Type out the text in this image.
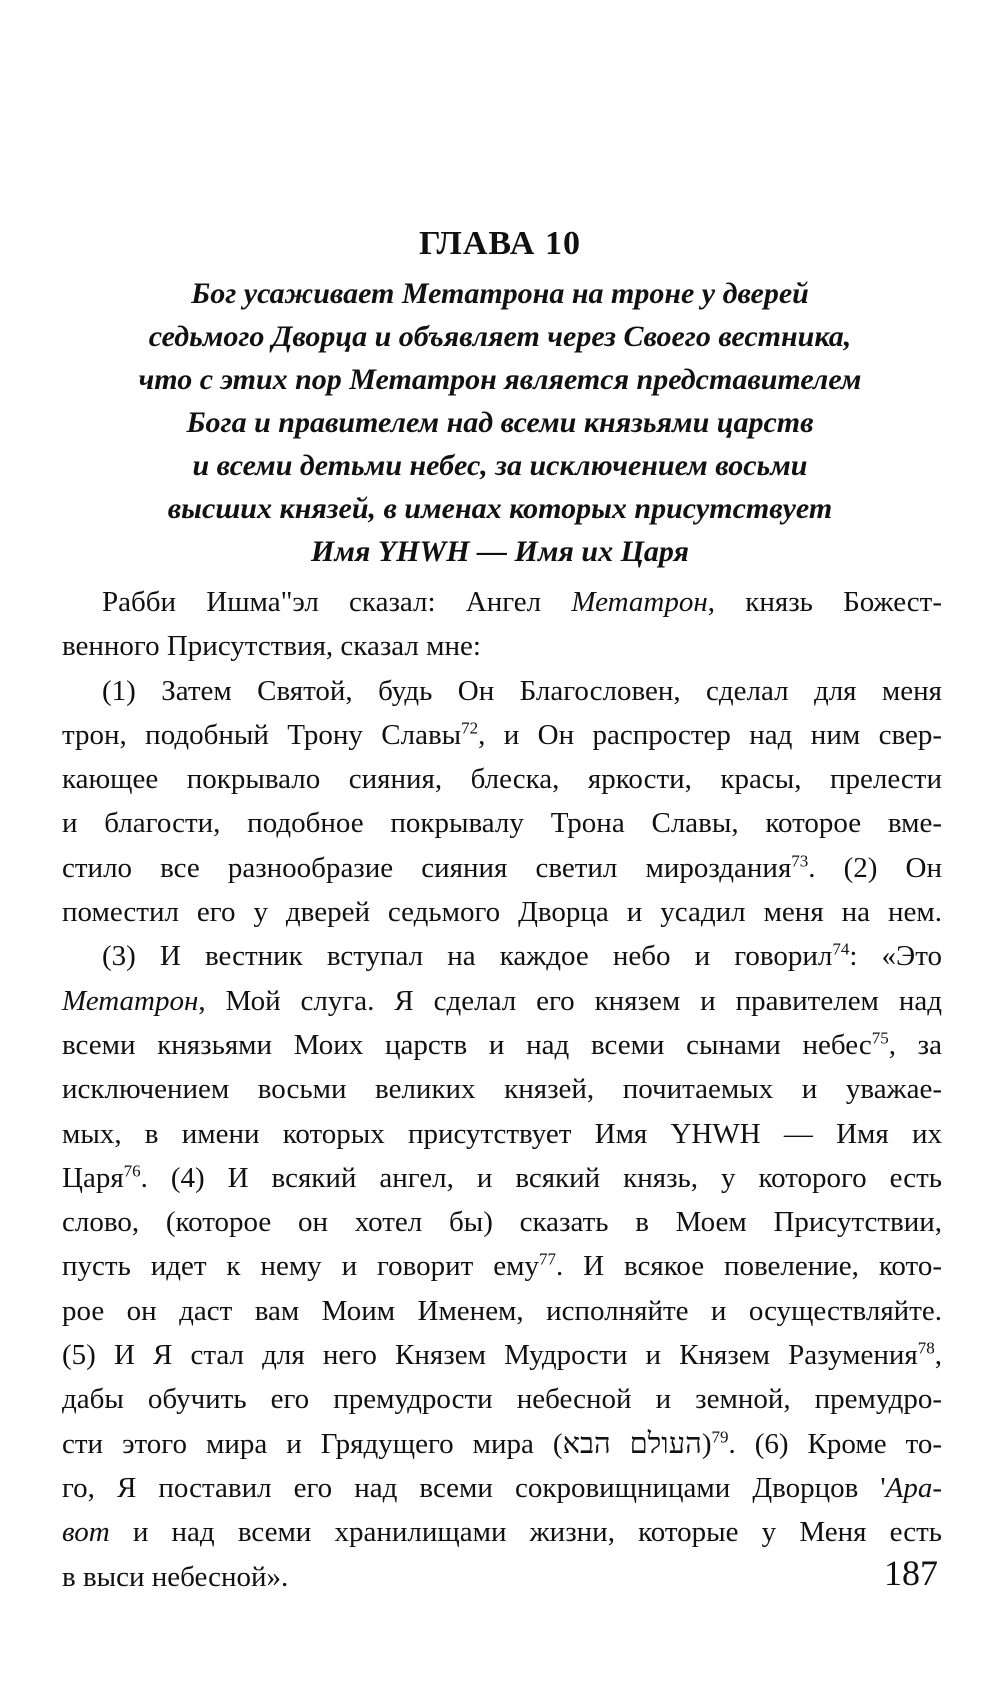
ГЛАВА 10
Бог усаживает Метатрона на троне у дверей
седьмого Дворца и объявляет через Своего вестника,
что с этих пор Метатрон является представителем
Бога и правителем над всеми князьями царств
и всеми детьми небес, за исключением восьми
высших князей, в именах которых присутствует
Имя YHWH — Имя их Царя
Рабби Ишма"эл сказал: Ангел Метатрон, князь Божест-
венного Присутствия, сказал мне:
(1) Затем Святой, будь Он Благословен, сделал для меня
трон, подобный Трону Славы$^{72}$, и Он распростер над ним свер-
кающее покрывало сияния, блеска, яркости, красы, прелести
и благости, подобное покрывалу Трона Славы, которое вме-
стило все разнообразие сияния светил мироздания$^{73}$. (2) Он
поместил его у дверей седьмого Дворца и усадил меня на нем.
(3) И вестник вступал на каждое небо и говорил$^{74}$: «Это
Метатрон, Мой слуга. Я сделал его князем и правителем над
всеми князьями Моих царств и над всеми сынами небес$^{75}$, за
исключением восьми великих князей, почитаемых и уважае-
мых, в имени которых присутствует Имя YHWH — Имя их
Царя$^{76}$. (4) И всякий ангел, и всякий князь, у которого есть
слово, (которое он хотел бы) сказать в Моем Присутствии,
пусть идет к нему и говорит ему$^{77}$. И всякое повеление, кото-
рое он даст вам Моим Именем, исполняйте и осуществляйте.
(5) И Я стал для него Князем Мудрости и Князем Разумения$^{78}$,
дабы обучить его премудрости небесной и земной, премудро-
сти этого мира и Грядущего мира (העולם הבא)$^{79}$. (6) Кроме то-
го, Я поставил его над всеми сокровищницами Дворцов 'Ара-
вот и над всеми хранилищами жизни, которые у Меня есть
в выси небесной».	187
